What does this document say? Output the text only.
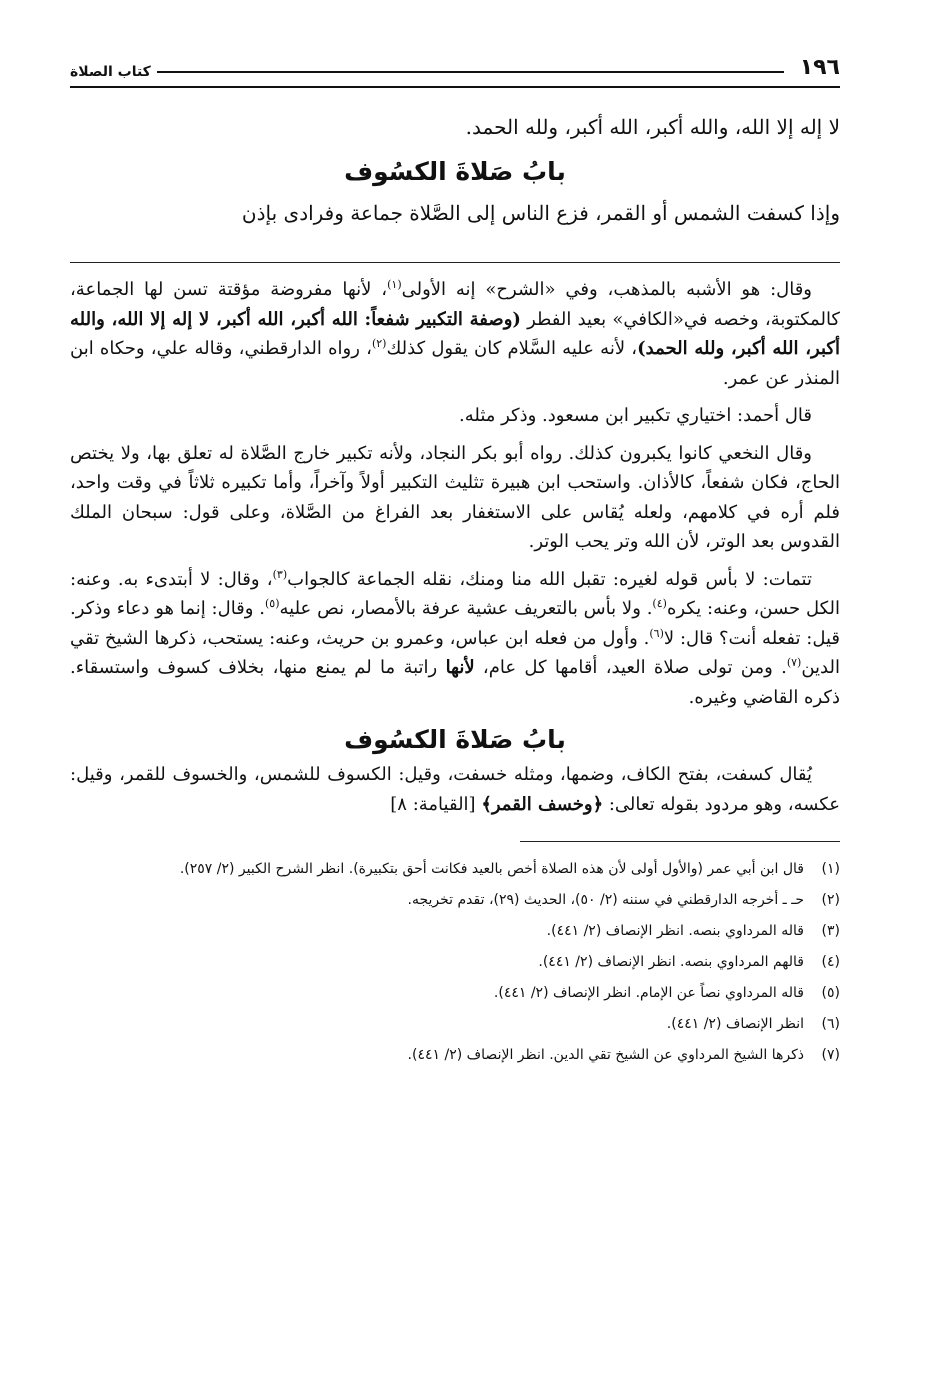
١٩٦
كتاب الصلاة

لا إله إلا الله، والله أكبر، الله أكبر، ولله الحمد.

بابُ صَلاةَ الكسُوف

وإذا كسفت الشمس أو القمر، فزع الناس إلى الصَّلاة جماعة وفرادى بإذن

وقال: هو الأشبه بالمذهب، وفي «الشرح» إنه الأولى$^{(١)}$، لأنها مفروضة مؤقتة تسن لها الجماعة، كالمكتوبة، وخصه في«الكافي» بعيد الفطر (وصفة التكبير شفعاً: الله أكبر، الله أكبر، لا إله إلا الله، والله أكبر، الله أكبر، ولله الحمد)، لأنه عليه السَّلام كان يقول كذلك$^{(٢)}$، رواه الدارقطني، وقاله علي، وحكاه ابن المنذر عن عمر.

قال أحمد: اختياري تكبير ابن مسعود. وذكر مثله.

وقال النخعي كانوا يكبرون كذلك. رواه أبو بكر النجاد، ولأنه تكبير خارج الصَّلاة له تعلق بها، ولا يختص الحاج، فكان شفعاً، كالأذان. واستحب ابن هبيرة تثليث التكبير أولاً وآخراً، وأما تكبيره ثلاثاً في وقت واحد، فلم أره في كلامهم، ولعله يُقاس على الاستغفار بعد الفراغ من الصَّلاة، وعلى قول: سبحان الملك القدوس بعد الوتر، لأن الله وتر يحب الوتر.

تتمات: لا بأس قوله لغيره: تقبل الله منا ومنك، نقله الجماعة كالجواب$^{(٣)}$، وقال: لا أبتدىء به. وعنه: الكل حسن، وعنه: يكره$^{(٤)}$. ولا بأس بالتعريف عشية عرفة بالأمصار، نص عليه$^{(٥)}$. وقال: إنما هو دعاء وذكر. قيل: تفعله أنت؟ قال: لا$^{(٦)}$. وأول من فعله ابن عباس، وعمرو بن حريث، وعنه: يستحب، ذكرها الشيخ تقي الدين$^{(٧)}$. ومن تولى صلاة العيد، أقامها كل عام، لأنها راتبة ما لم يمنع منها، بخلاف كسوف واستسقاء. ذكره القاضي وغيره.

بابُ صَلاةَ الكسُوف

يُقال كسفت، بفتح الكاف، وضمها، ومثله خسفت، وقيل: الكسوف للشمس، والخسوف للقمر، وقيل: عكسه، وهو مردود بقوله تعالى: ﴿وخسف القمر﴾ [القيامة: ٨]

(١)
قال ابن أبي عمر (والأول أولى لأن هذه الصلاة أخص بالعيد فكانت أحق بتكبيرة). انظر الشرح الكبير (٢/ ٢٥٧).
(٢)
حـ ـ أخرجه الدارقطني في سننه (٢/ ٥٠)، الحديث (٢٩)، تقدم تخريجه.
(٣)
قاله المرداوي بنصه. انظر الإنصاف (٢/ ٤٤١).
(٤)
قالهم المرداوي بنصه. انظر الإنصاف (٢/ ٤٤١).
(٥)
قاله المرداوي نصاً عن الإمام. انظر الإنصاف (٢/ ٤٤١).
(٦)
انظر الإنصاف (٢/ ٤٤١).
(٧)
ذكرها الشيخ المرداوي عن الشيخ تقي الدين. انظر الإنصاف (٢/ ٤٤١).
